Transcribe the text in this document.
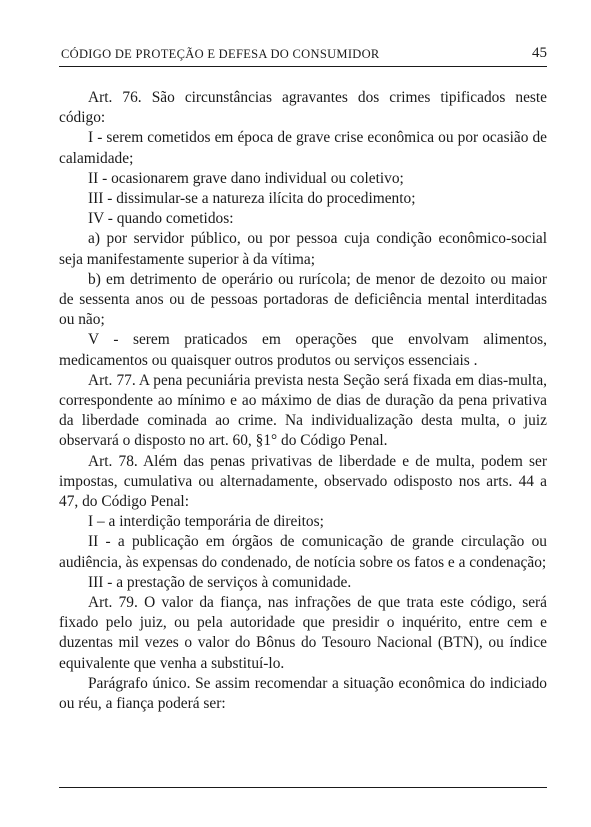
CÓDIGO DE PROTEÇÃO E DEFESA DO CONSUMIDOR	45

Art. 76. São circunstâncias agravantes dos crimes tipificados neste código:

I - serem cometidos em época de grave crise econômica ou por ocasião de calamidade;

II - ocasionarem grave dano individual ou coletivo;

III - dissimular-se a natureza ilícita do procedimento;

IV - quando cometidos:

a) por servidor público, ou por pessoa cuja condição econômico-social seja manifestamente superior à da vítima;

b) em detrimento de operário ou rurícola; de menor de dezoito ou maior de sessenta anos ou de pessoas portadoras de deficiência mental interditadas ou não;

V - serem praticados em operações que envolvam alimentos, medicamentos ou quaisquer outros produtos ou serviços essenciais .

Art. 77. A pena pecuniária prevista nesta Seção será fixada em dias-multa, correspondente ao mínimo e ao máximo de dias de duração da pena privativa da liberdade cominada ao crime. Na individualização desta multa, o juiz observará o disposto no art. 60, §1° do Código Penal.

Art. 78. Além das penas privativas de liberdade e de multa, podem ser impostas, cumulativa ou alternadamente, observado odisposto nos arts. 44 a 47, do Código Penal:

I – a interdição temporária de direitos;

II - a publicação em órgãos de comunicação de grande circulação ou audiência, às expensas do condenado, de notícia sobre os fatos e a condenação;

III - a prestação de serviços à comunidade.

Art. 79. O valor da fiança, nas infrações de que trata este código, será fixado pelo juiz, ou pela autoridade que presidir o inquérito, entre cem e duzentas mil vezes o valor do Bônus do Tesouro Nacional (BTN), ou índice equivalente que venha a substituí-lo.

Parágrafo único. Se assim recomendar a situação econômica do indiciado ou réu, a fiança poderá ser:
